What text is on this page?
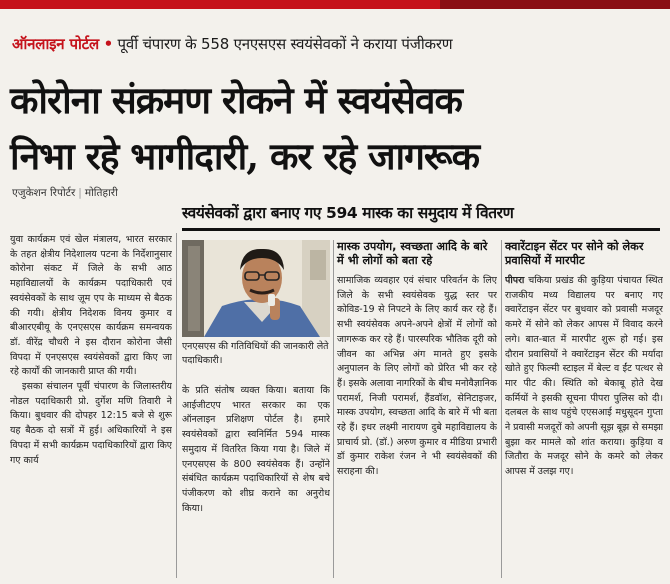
ऑनलाइन पोर्टल • पूर्वी चंपारण के 558 एनएसएस स्वयंसेवकों ने कराया पंजीकरण
कोरोना संक्रमण रोकने में स्वयंसेवक
निभा रहे भागीदारी, कर रहे जागरूक
एजुकेशन रिपोर्टर | मोतिहारी
स्वयंसेवकों द्वारा बनाए गए 594 मास्क का समुदाय में वितरण

युवा कार्यक्रम एवं खेल मंत्रालय, भारत सरकार के तहत क्षेत्रीय निदेशालय पटना के निर्देशानुसार कोरोना संकट में जिले के सभी आठ महाविद्यालयों के कार्यक्रम पदाधिकारी एवं स्वयंसेवकों के साथ ज़ूम एप के माध्यम से बैठक की गयी। क्षेत्रीय निदेशक विनय कुमार व बीआरएबीयू के एनएसएस कार्यक्रम समन्वयक डॉ. वीरेंद्र चौधरी ने इस दौरान कोरोना जैसी विपदा में एनएसएस स्वयंसेवकों द्वारा किए जा रहे कार्यों की जानकारी प्राप्त की गयी।

इसका संचालन पूर्वी चंपारण के जिलास्तरीय नोडल पदाधिकारी प्रो. दुर्गेश मणि तिवारी ने किया। बुधवार की दोपहर 12:15 बजे से शुरू यह बैठक दो सत्रों में हुई। अधिकारियों ने इस विपदा में सभी कार्यक्रम पदाधिकारियों द्वारा किए गए कार्य

एनएसएस की गतिविधियों की जानकारी लेते पदाधिकारी।

के प्रति संतोष व्यक्त किया। बताया कि आईजीटएप भारत सरकार का एक ऑनलाइन प्रशिक्षण पोर्टल है। हमारे स्वयंसेवकों द्वारा स्वनिर्मित 594 मास्क समुदाय में वितरित किया गया है। जिले में एनएसएस के 800 स्वयंसेवक हैं। उन्होंने संबंधित कार्यक्रम पदाधिकारियों से शेष बचे पंजीकरण को शीघ्र कराने का अनुरोध किया।

मास्क उपयोग, स्वच्छता आदि के बारे में भी लोगों को बता रहे

सामाजिक व्यवहार एवं संचार परिवर्तन के लिए जिले के सभी स्वयंसेवक युद्ध स्तर पर कोविड-19 से निपटने के लिए कार्य कर रहे हैं। सभी स्वयंसेवक अपने-अपने क्षेत्रों में लोगों को जागरूक कर रहे हैं। पारस्परिक भौतिक दूरी को जीवन का अभिन्न अंग मानते हुए इसके अनुपालन के लिए लोगों को प्रेरित भी कर रहे हैं। इसके अलावा नागरिकों के बीच मनोवैज्ञानिक परामर्श, निजी परामर्श, हैंडवॉश, सेनिटाइजर, मास्क उपयोग, स्वच्छता आदि के बारे में भी बता रहे हैं। इधर लक्ष्मी नारायण दुबे महाविद्यालय के प्राचार्य प्रो. (डॉ.) अरुण कुमार व मीडिया प्रभारी डॉ कुमार राकेश रंजन ने भी स्वयंसेवकों की सराहना की।

क्वारेंटाइन सेंटर पर सोने को लेकर प्रवासियों में मारपीट

पीपरा चकिया प्रखंड की कुड़िया पंचायत स्थित राजकीय मध्य विद्यालय पर बनाए गए क्वारेंटाइन सेंटर पर बुधवार को प्रवासी मजदूर कमरे में सोने को लेकर आपस में विवाद करने लगे। बात-बात में मारपीट शुरू हो गई। इस दौरान प्रवासियों ने क्वारेंटाइन सेंटर की मर्यादा खोते हुए फिल्मी स्टाइल में बेल्ट व ईंट पत्थर से मार पीट की। स्थिति को बेकाबू होते देख कर्मियों ने इसकी सूचना पीपरा पुलिस को दी। दलबल के साथ पहुंचे एएसआई मधुसूदन गुप्ता ने प्रवासी मजदूरों को अपनी सूझ बूझ से समझा बुझा कर मामले को शांत कराया। कुड़िया व जितौरा के मजदूर सोने के कमरे को लेकर आपस में उलझ गए।
